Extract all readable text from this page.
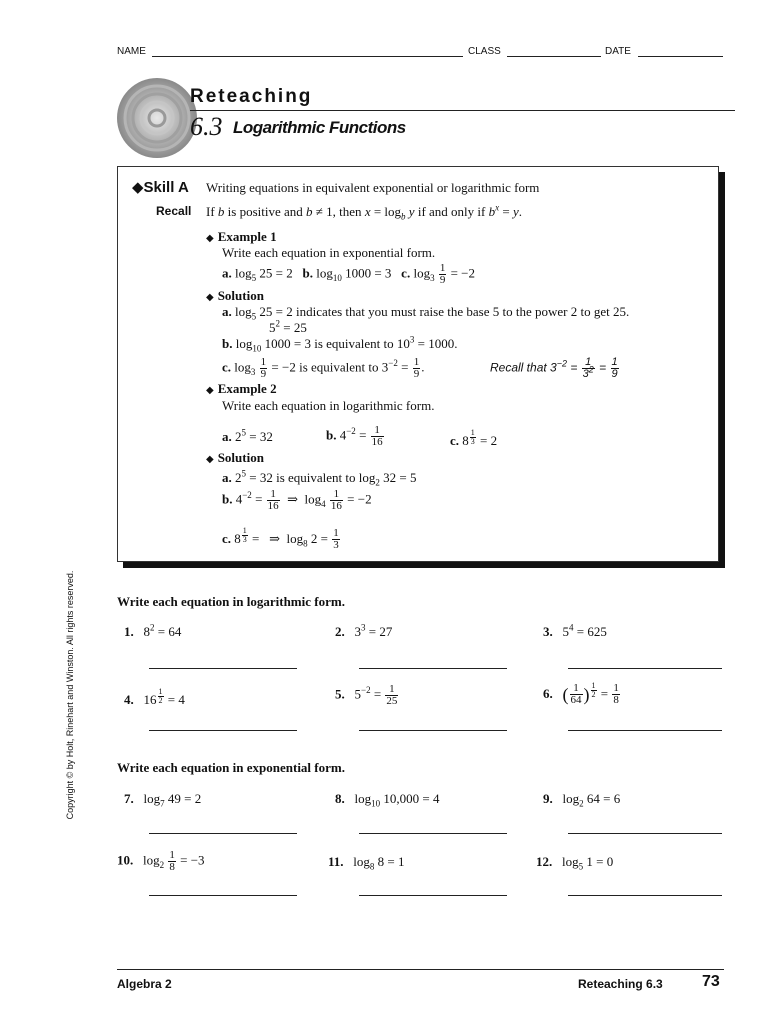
NAME	CLASS	DATE
Reteaching
6.3 Logarithmic Functions
◆Skill A Writing equations in equivalent exponential or logarithmic form
Recall If b is positive and b ≠ 1, then $x = \log_b y$ if and only if $b^x = y$.
◆ Example 1
Write each equation in exponential form.
a. $\log_5 25 = 2$   b. $\log_{10} 1000 = 3$   c. $\log_3 \frac{1}{9} = -2$
◆ Solution
a. $\log_5 25 = 2$ indicates that you must raise the base 5 to the power 2 to get 25.
$5^2 = 25$
b. $\log_{10} 1000 = 3$ is equivalent to $10^3 = 1000$.
c. $\log_3 \frac{1}{9} = -2$ is equivalent to $3^{-2} = \frac{1}{9}$ .	Recall that $3^{-2} = \frac{1}{3^2} = \frac{1}{9}$
◆ Example 2
Write each equation in logarithmic form.
a. $2^5 = 32$	b. $4^{-2} = \frac{1}{16}$	c. 8 $^{\frac{1}{3}}$ = 2
◆ Solution
a. $2^5 = 32$ is equivalent to $\log_2 32 = 5$
b. $4^{-2} = \frac{1}{16}$ ⇒  $\log_4 \frac{1}{16} = -2$
c. 8 $^{\frac{1}{3}}$ =   ⇒  $\log_8 2 = \frac{1}{3}$
Copyright © by Holt, Rinehart and Winston. All rights reserved.	Write each equation in logarithmic form.
1.   $8^2 = 64$	2.   $3^3 = 27$	3.   $5^4 = 625$
4.   16 $^{\frac{1}{2}}$ = 4	5.   $5^{-2} = \frac{1}{25}$	6. ( $\frac{1}{64}$ ) $^{\frac{1}{2}} = \frac{1}{8}$
Write each equation in exponential form.
7.   $\log_7 49 = 2$	8.   $\log_{10} 10,000 = 4$	9.   $\log_2 64 = 6$
10.   $\log_2 \frac{1}{8} = -3$	11.   $\log_8 8 = 1$	12.   $\log_5 1 = 0$
Algebra 2	Reteaching 6.3 73
